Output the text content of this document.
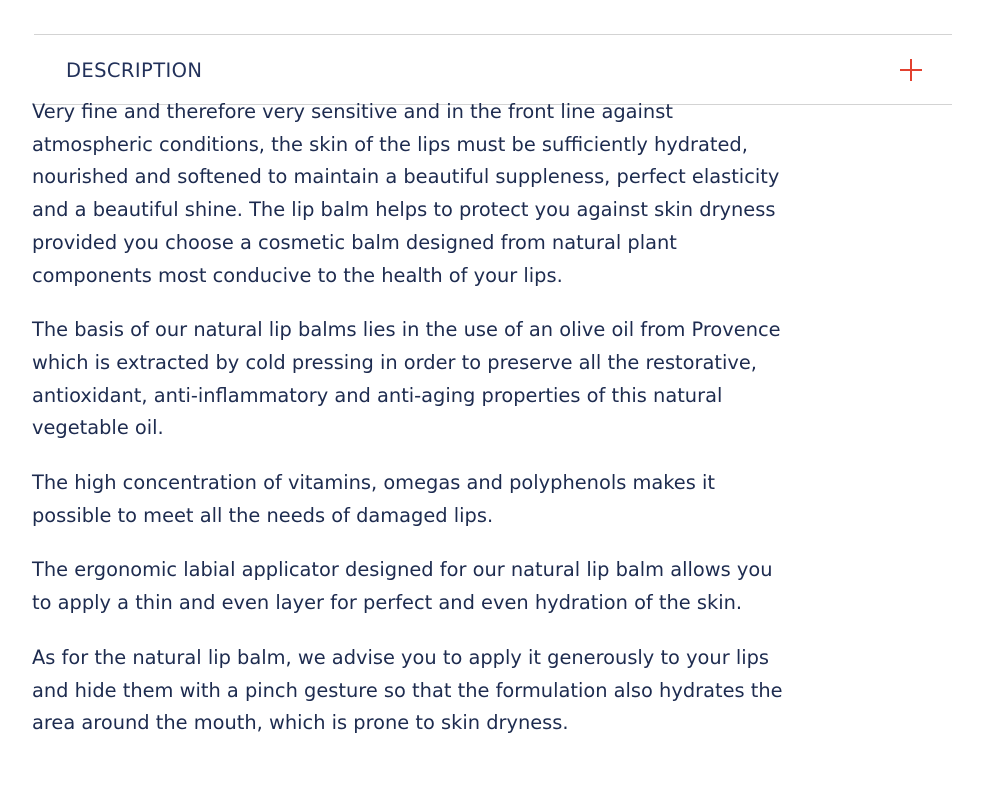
DESCRIPTION

Very fine and therefore very sensitive and in the front line against
atmospheric conditions, the skin of the lips must be sufficiently hydrated,
nourished and softened to maintain a beautiful suppleness, perfect elasticity
and a beautiful shine. The lip balm helps to protect you against skin dryness
provided you choose a cosmetic balm designed from natural plant
components most conducive to the health of your lips.

The basis of our natural lip balms lies in the use of an olive oil from Provence
which is extracted by cold pressing in order to preserve all the restorative,
antioxidant, anti-inflammatory and anti-aging properties of this natural
vegetable oil.

The high concentration of vitamins, omegas and polyphenols makes it
possible to meet all the needs of damaged lips.

The ergonomic labial applicator designed for our natural lip balm allows you
to apply a thin and even layer for perfect and even hydration of the skin.

As for the natural lip balm, we advise you to apply it generously to your lips
and hide them with a pinch gesture so that the formulation also hydrates the
area around the mouth, which is prone to skin dryness.
